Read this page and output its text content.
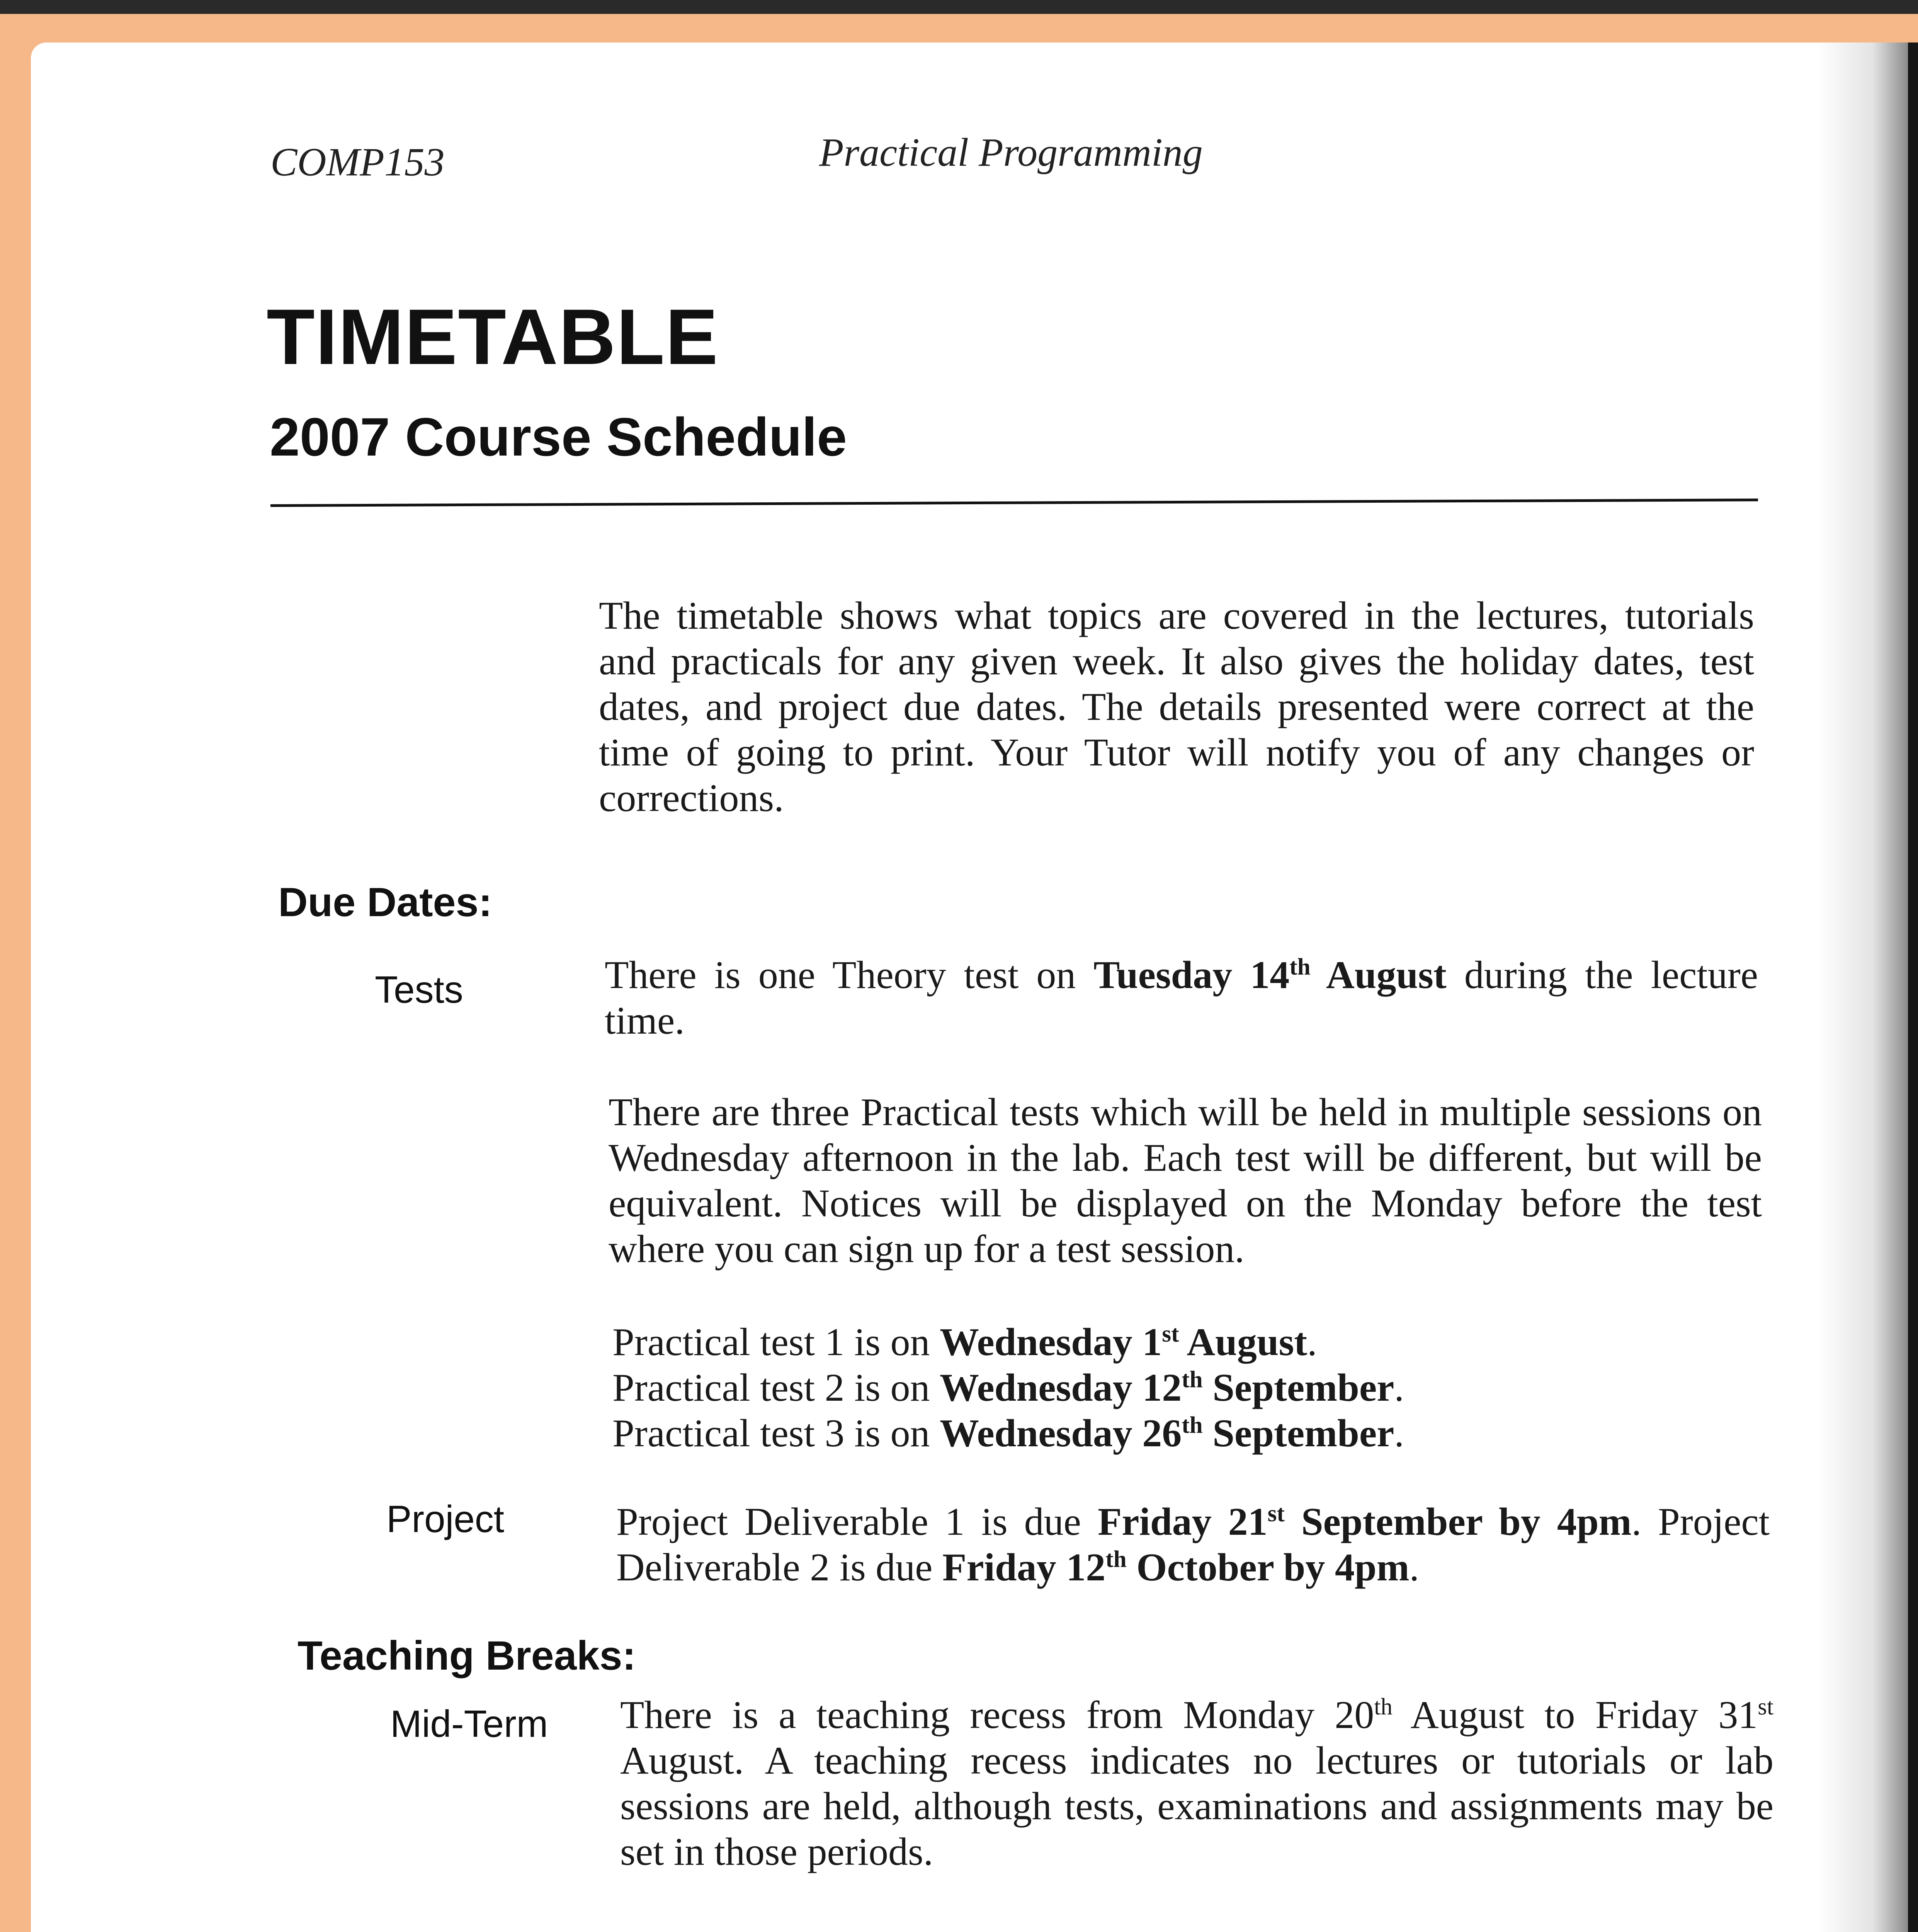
COMP153	Practical Programming
TIMETABLE
2007 Course Schedule
The timetable shows what topics are covered in the lectures, tutorials and practicals for any given week. It also gives the holiday dates, test dates, and project due dates. The details presented were correct at the time of going to print. Your Tutor will notify you of any changes or corrections.
Due Dates:
Tests	There is one Theory test on Tuesday 14th August during the lecture time.
There are three Practical tests which will be held in multiple sessions on Wednesday afternoon in the lab. Each test will be different, but will be equivalent. Notices will be displayed on the Monday before the test where you can sign up for a test session.
Practical test 1 is on Wednesday 1st August.
Practical test 2 is on Wednesday 12th September.
Practical test 3 is on Wednesday 26th September.
Project	Project Deliverable 1 is due Friday 21st September by 4pm. Project Deliverable 2 is due Friday 12th October by 4pm.
Teaching Breaks:
Mid-Term There is a teaching recess from Monday 20th August to Friday 31st August. A teaching recess indicates no lectures or tutorials or lab sessions are held, although tests, examinations and assignments may be set in those periods.
